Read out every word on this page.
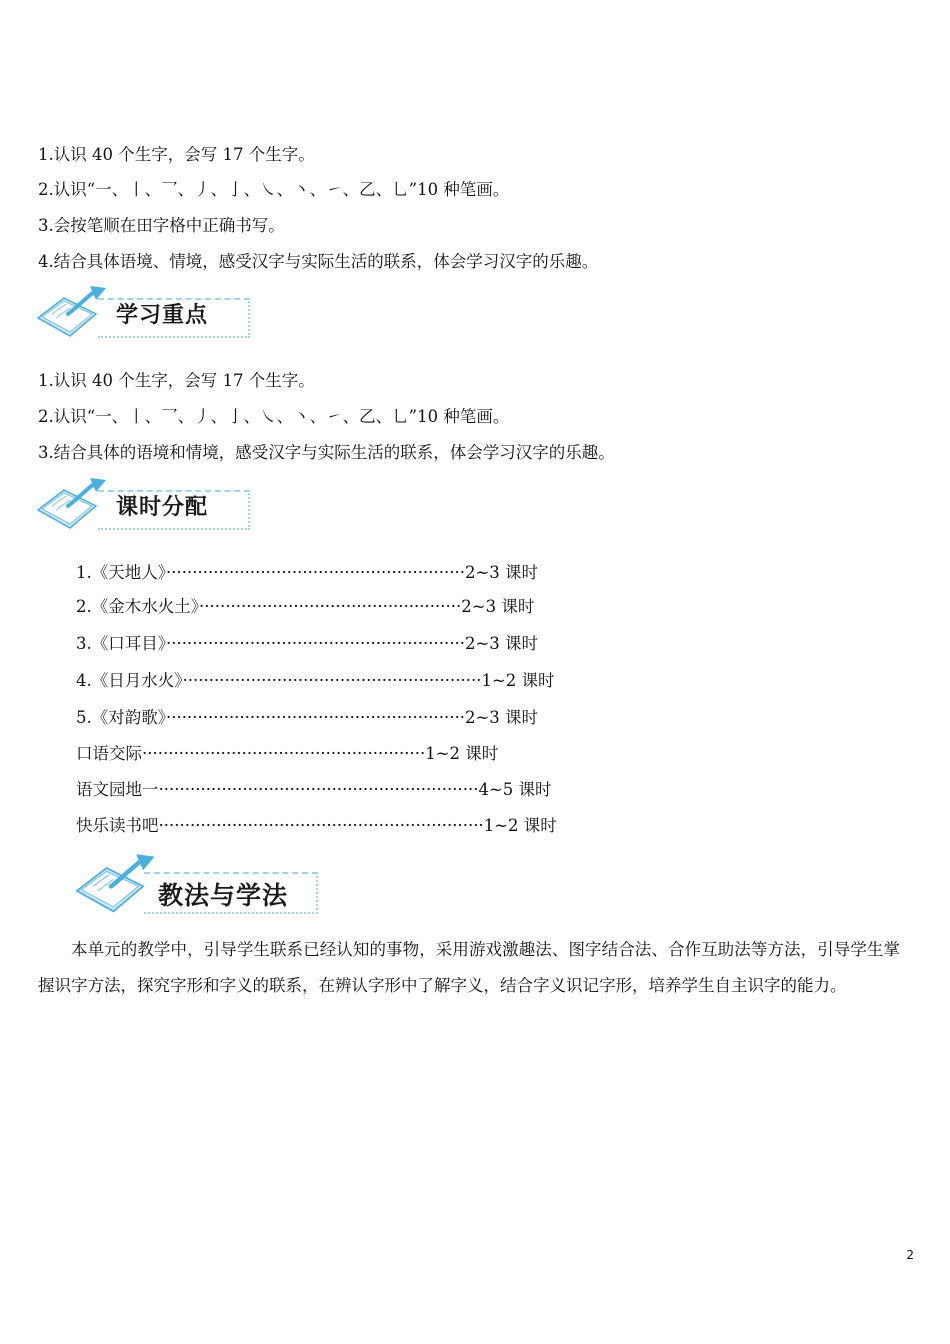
1.认识 40 个生字，会写 17 个生字。
2.认识“一、丨、乛、丿、亅、㇏、丶、㇀、乙、乚”10 种笔画。
3.会按笔顺在田字格中正确书写。
4.结合具体语境、情境，感受汉字与实际生活的联系，体会学习汉字的乐趣。
学习重点
1.认识 40 个生字，会写 17 个生字。
2.认识“一、丨、乛、丿、亅、㇏、丶、㇀、乙、乚”10 种笔画。
3.结合具体的语境和情境，感受汉字与实际生活的联系，体会学习汉字的乐趣。
课时分配
1.《天地人》·························································2~3 课时
2.《金木水火土》··················································2~3 课时
3.《口耳目》·························································2~3 课时
4.《日月水火》·························································1~2 课时
5.《对韵歌》·························································2~3 课时
口语交际······················································1~2 课时
语文园地一·····························································4~5 课时
快乐读书吧······························································1~2 课时
教法与学法
本单元的教学中，引导学生联系已经认知的事物，采用游戏激趣法、图字结合法、合作互助法等方法，引导学生掌握识字方法，探究字形和字义的联系，在辨认字形中了解字义，结合字义识记字形，培养学生自主识字的能力。
2
